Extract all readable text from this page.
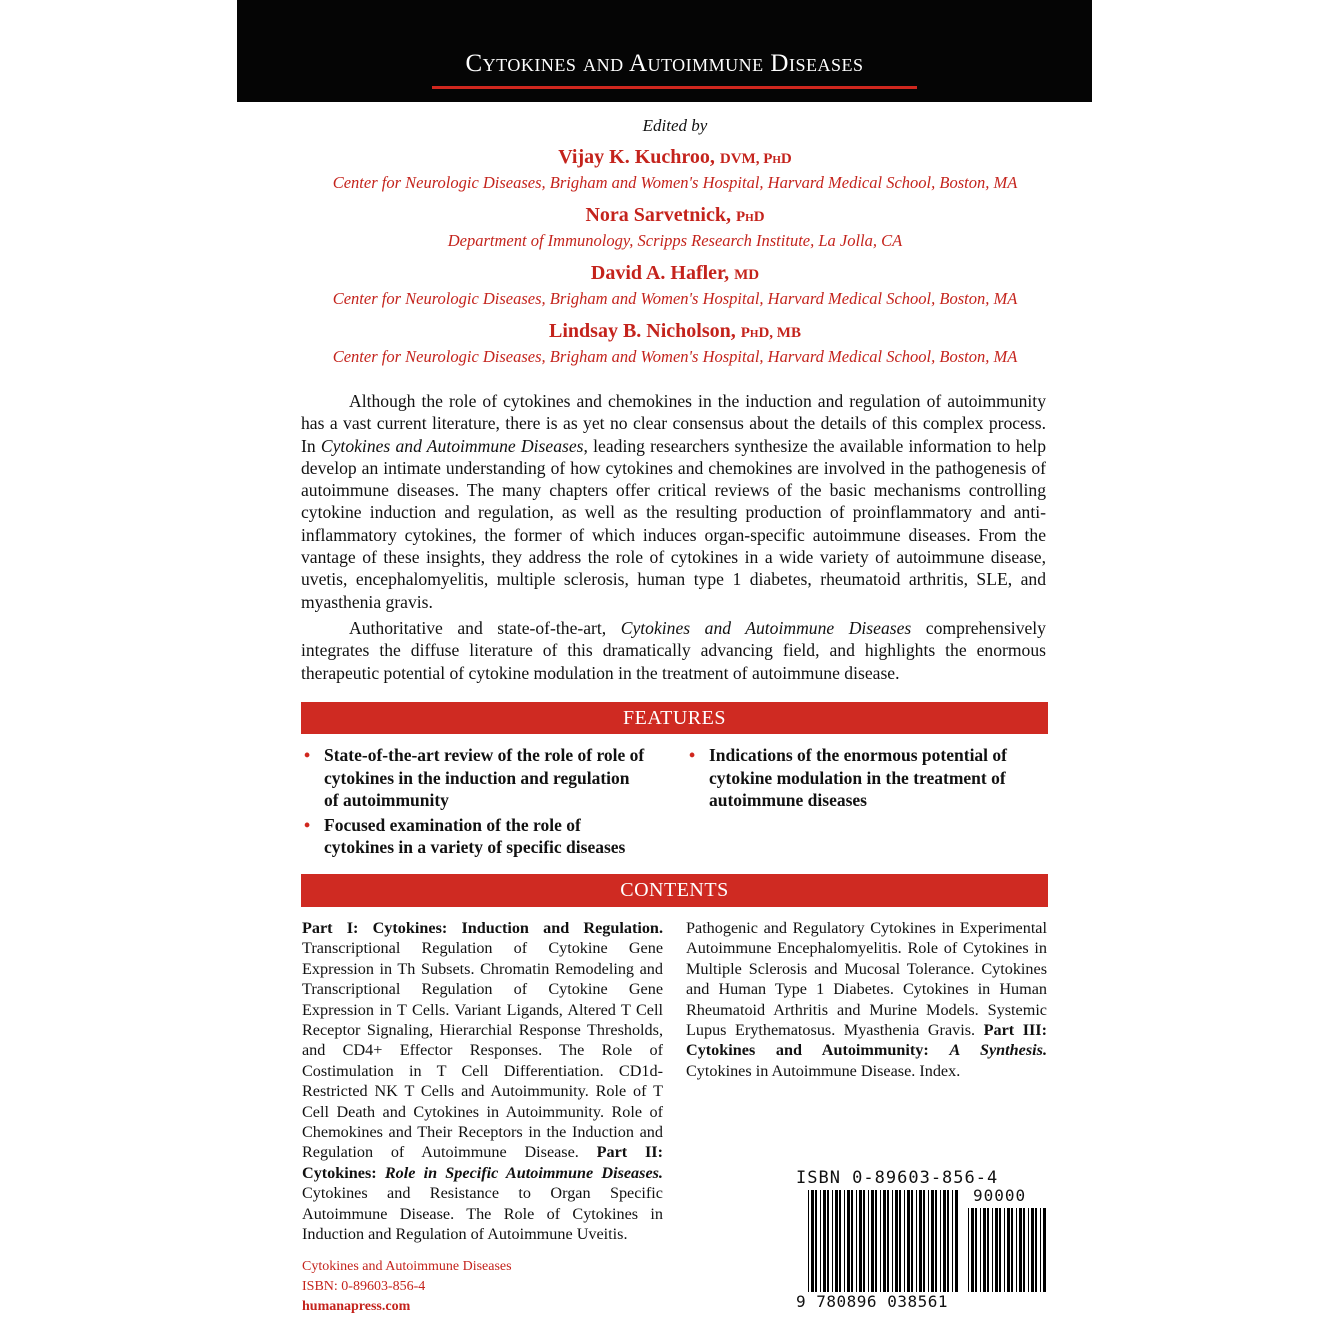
Cytokines and Autoimmune Diseases

Edited by

Vijay K. Kuchroo, DVM, PhD

Center for Neurologic Diseases, Brigham and Women's Hospital, Harvard Medical School, Boston, MA

Nora Sarvetnick, PhD

Department of Immunology, Scripps Research Institute, La Jolla, CA

David A. Hafler, MD

Center for Neurologic Diseases, Brigham and Women's Hospital, Harvard Medical School, Boston, MA

Lindsay B. Nicholson, PhD, MB

Center for Neurologic Diseases, Brigham and Women's Hospital, Harvard Medical School, Boston, MA

Although the role of cytokines and chemokines in the induction and regulation of autoimmunity has a vast current literature, there is as yet no clear consensus about the details of this complex process. In Cytokines and Autoimmune Diseases, leading researchers synthesize the available information to help develop an intimate understanding of how cytokines and chemokines are involved in the pathogenesis of autoimmune diseases. The many chapters offer critical reviews of the basic mechanisms controlling cytokine induction and regulation, as well as the resulting production of proinflammatory and anti-inflammatory cytokines, the former of which induces organ-specific autoimmune diseases. From the vantage of these insights, they address the role of cytokines in a wide variety of autoimmune disease, uvetis, encephalomyelitis, multiple sclerosis, human type 1 diabetes, rheumatoid arthritis, SLE, and myasthenia gravis.

Authoritative and state-of-the-art, Cytokines and Autoimmune Diseases comprehensively integrates the diffuse literature of this dramatically advancing field, and highlights the enormous therapeutic potential of cytokine modulation in the treatment of autoimmune disease.

FEATURES
• State-of-the-art review of the role of role of cytokines in the induction and regulation of autoimmunity
• Focused examination of the role of cytokines in a variety of specific diseases
• Indications of the enormous potential of cytokine modulation in the treatment of autoimmune diseases
CONTENTS
Part I: Cytokines: Induction and Regulation. Transcriptional Regulation of Cytokine Gene Expression in Th Subsets. Chromatin Remodeling and Transcriptional Regulation of Cytokine Gene Expression in T Cells. Variant Ligands, Altered T Cell Receptor Signaling, Hierarchial Response Thresholds, and CD4+ Effector Responses. The Role of Costimulation in T Cell Differentiation. CD1d-Restricted NK T Cells and Autoimmunity. Role of T Cell Death and Cytokines in Autoimmunity. Role of Chemokines and Their Receptors in the Induction and Regulation of Autoimmune Disease. Part II: Cytokines: Role in Specific Autoimmune Diseases. Cytokines and Resistance to Organ Specific Autoimmune Disease. The Role of Cytokines in Induction and Regulation of Autoimmune Uveitis.
Pathogenic and Regulatory Cytokines in Experimental Autoimmune Encephalomyelitis. Role of Cytokines in Multiple Sclerosis and Mucosal Tolerance. Cytokines and Human Type 1 Diabetes. Cytokines in Human Rheumatoid Arthritis and Murine Models. Systemic Lupus Erythematosus. Myasthenia Gravis. Part III: Cytokines and Autoimmunity: A Synthesis. Cytokines in Autoimmune Disease. Index.
Cytokines and Autoimmune Diseases
ISBN: 0-89603-856-4
humanapress.com
ISBN 0-89603-856-4
90000
9 780896 038561
